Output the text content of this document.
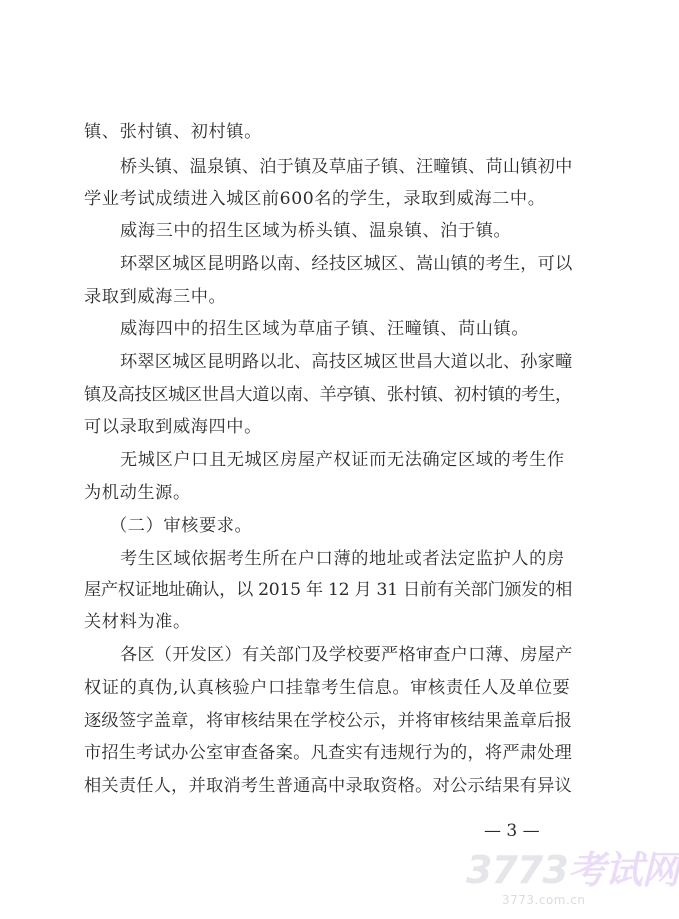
镇、张村镇、初村镇。
桥头镇、温泉镇、泊于镇及草庙子镇、汪疃镇、苘山镇初中
学业考试成绩进入城区前600名的学生，录取到威海二中。
威海三中的招生区域为桥头镇、温泉镇、泊于镇。
环翠区城区昆明路以南、经技区城区、嵩山镇的考生，可以
录取到威海三中。
威海四中的招生区域为草庙子镇、汪疃镇、苘山镇。
环翠区城区昆明路以北、高技区城区世昌大道以北、孙家疃
镇及高技区城区世昌大道以南、羊亭镇、张村镇、初村镇的考生，
可以录取到威海四中。
无城区户口且无城区房屋产权证而无法确定区域的考生作
为机动生源。
（二）审核要求。
考生区域依据考生所在户口薄的地址或者法定监护人的房
屋产权证地址确认，以 2015 年 12 月 31 日前有关部门颁发的相
关材料为准。
各区（开发区）有关部门及学校要严格审查户口薄、房屋产
权证的真伪,认真核验户口挂靠考生信息。审核责任人及单位要
逐级签字盖章，将审核结果在学校公示，并将审核结果盖章后报
市招生考试办公室审查备案。凡查实有违规行为的，将严肃处理
相关责任人，并取消考生普通高中录取资格。对公示结果有异议
— 3 —
3773考试网
3773.com.cn
